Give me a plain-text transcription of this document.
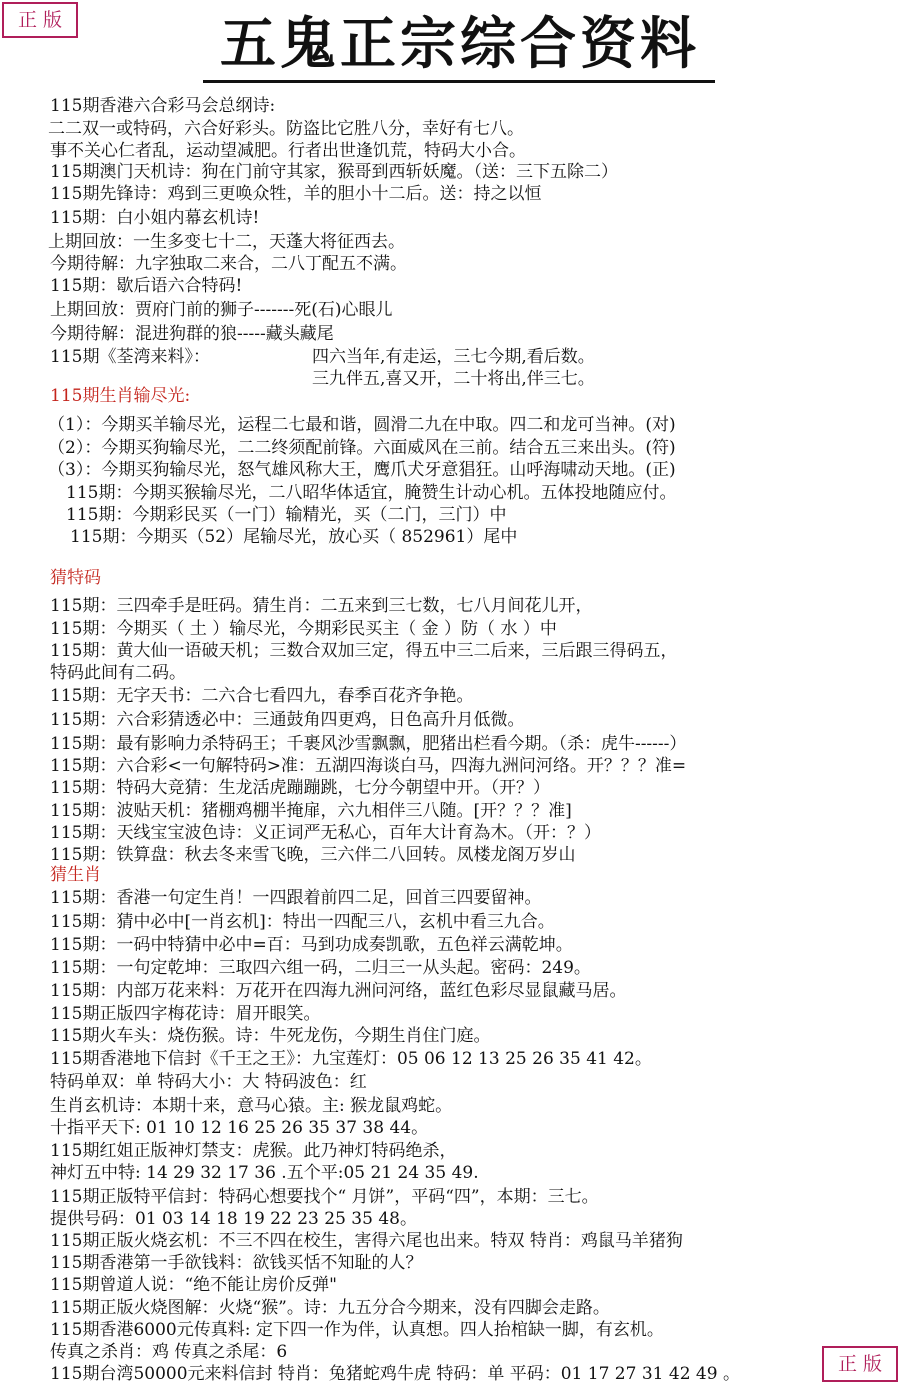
正版	五鬼正宗综合资料
115期香港六合彩马会总纲诗:
二二双一或特码，六合好彩头。防盗比它胜八分，幸好有七八。
事不关心仁者乱，运动望减肥。行者出世逢饥荒，特码大小合。
115期澳门天机诗：狗在门前守其家，猴哥到西斩妖魔。（送：三下五除二）
115期先锋诗：鸡到三更唤众牲，羊的胆小十二后。送：持之以恒
115期：白小姐内幕玄机诗!
上期回放：一生多变七十二，天蓬大将征西去。
今期待解：九字独取二来合，二八丁配五不满。
115期：歇后语六合特码!
上期回放：贾府门前的狮子-------死(石)心眼儿
今期待解：混进狗群的狼-----藏头藏尾
115期《荃湾来料》：	四六当年,有走运，三七今期,看后数。
三九伴五,喜又开，二十将出,伴三七。
115期生肖输尽光:
（1）：今期买羊输尽光，运程二七最和谐，圆滑二九在中取。四二和龙可当神。(对)
（2）：今期买狗输尽光，二二终须配前锋。六面威风在三前。结合五三来出头。(符)
（3）：今期买狗输尽光，怒气雄风称大王，鹰爪犬牙意猖狂。山呼海啸动天地。(正)
115期：今期买猴输尽光，二八昭华体适宜，腌赞生计动心机。五体投地随应付。
115期：今期彩民买（一门）输精光，买（二门，三门）中
115期：今期买（52）尾输尽光，放心买（ 852961）尾中
猜特码
115期：三四牵手是旺码。猜生肖：二五来到三七数，七八月间花儿开，
115期：今期买（ 土 ）输尽光，今期彩民买主（ 金 ）防（ 水 ）中
115期：黄大仙一语破天机；三数合双加三定，得五中三二后来，三后跟三得码五，
特码此间有二码。
115期：无字天书：二六合七看四九，春季百花齐争艳。
115期：六合彩猜透必中：三通鼓角四更鸡，日色高升月低微。
115期：最有影响力杀特码王；千裹风沙雪飘飘，肥猪出栏看今期。（杀：虎牛------）
115期：六合彩<一句解特码>准：五湖四海谈白马，四海九洲问河络。开？？？准=
115期：特码大竞猜：生龙活虎蹦蹦跳，七分今朝望中开。（开？）
115期：波贴天机：猪棚鸡棚半掩扉，六九相伴三八随。[开？？？准]
115期：天线宝宝波色诗：义正词严无私心，百年大计育為木。（开：？）
115期：铁算盘：秋去冬来雪飞晚，三六伴二八回转。凤楼龙阁万岁山
猜生肖
115期：香港一句定生肖！一四跟着前四二足，回首三四要留神。
115期：猜中必中[一肖玄机]：特出一四配三八，玄机中看三九合。
115期：一码中特猜中必中=百：马到功成奏凯歌，五色祥云满乾坤。
115期：一句定乾坤：三取四六组一码，二归三一从头起。密码：249。
115期：内部万花来料：万花开在四海九洲问河络，蓝红色彩尽显鼠藏马居。
115期正版四字梅花诗：眉开眼笑。
115期火车头：烧伤猴。诗：牛死龙伤，今期生肖住门庭。
115期香港地下信封《千王之王》：九宝莲灯：05 06 12 13 25 26 35 41 42。
特码单双：单 特码大小：大 特码波色：红
生肖玄机诗：本期十来，意马心猿。主: 猴龙鼠鸡蛇。
十指平天下: 01 10 12 16 25 26 35 37 38 44。
115期红姐正版神灯禁支：虎猴。此乃神灯特码绝杀，
神灯五中特: 14 29 32 17 36 .五个平:05 21 24 35 49.
115期正版特平信封：特码心想要找个“ 月饼”，平码“四”，本期：三七。
提供号码：01 03 14 18 19 22 23 25 35 48。
115期正版火烧玄机：不三不四在校生，害得六尾也出来。特双 特肖：鸡鼠马羊猪狗
115期香港第一手欲钱料：欲钱买恬不知耻的人？
115期曾道人说：“绝不能让房价反弹"
115期正版火烧图解：火烧“猴”。诗：九五分合今期来，没有四脚会走路。
115期香港6000元传真料: 定下四一作为伴，认真想。四人抬棺缺一脚，有玄机。
传真之杀肖：鸡 传真之杀尾：6
115期台湾50000元来料信封 特肖：兔猪蛇鸡牛虎 特码：单 平码：01 17 27 31 42 49 。	正版
